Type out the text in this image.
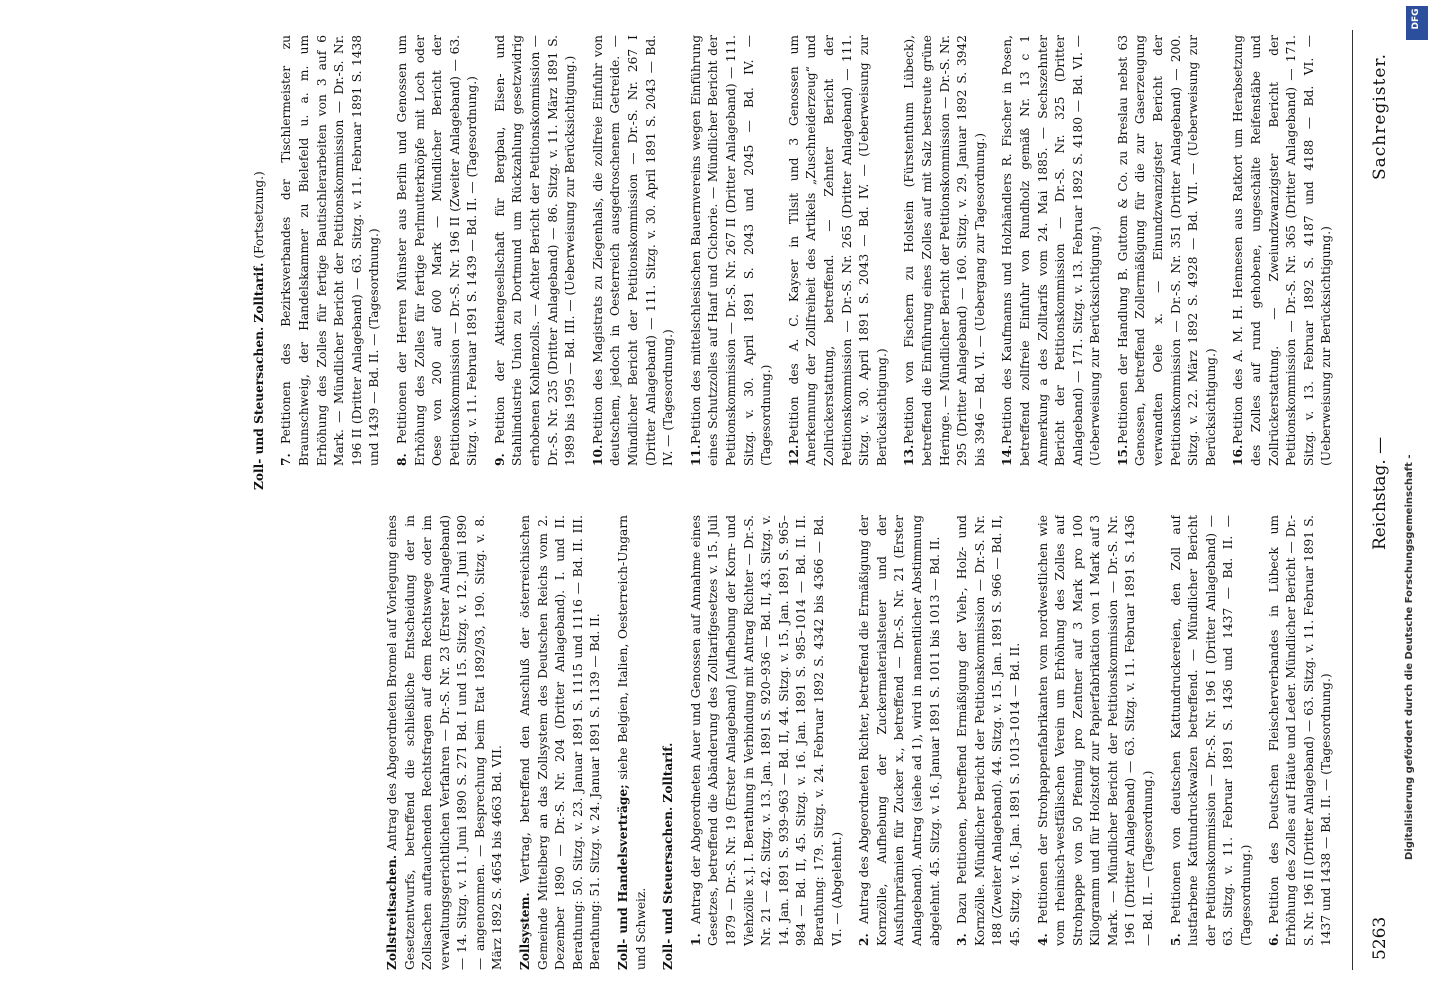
5263
Reichstag. —
Sachregister.
Zollstreitsachen. Antrag des Abgeordneten Bromel auf Vorlegung eines Gesetzentwurfs, betreffend die schließliche Entscheidung der in Zollsachen auftauchenden Rechtsfragen auf dem Rechtswege oder im verwaltungsgerichtlichen Verfahren — Dr.-S. Nr. 23 (Erster Anlageband) — 14. Sitzg. v. 11. Juni 1890 S. 271 Bd. I und 15. Sitzg. v. 12. Juni 1890 — angenommen. — Besprechung beim Etat 1892/93, 190. Sitzg. v. 8. März 1892 S. 4654 bis 4663 Bd. VII. Zollsystem. Vertrag, betreffend den Anschluß der österreichischen Gemeinde Mittelberg an das Zollsystem des Deutschen Reichs vom 2. Dezember 1890 — Dr.-S. Nr. 204 (Dritter Anlageband). I. und II. Berathung: 50. Sitzg. v. 23. Januar 1891 S. 1115 und 1116 — Bd. II. III. Berathung: 51. Sitzg. v. 24. Januar 1891 S. 1139 — Bd. II. Zoll- und Handelsverträge; siehe Belgien, Italien, Oesterreich-Ungarn und Schweiz. Zoll- und Steuersachen. Zolltarif. 1.Antrag der Abgeordneten Auer und Genossen auf Annahme eines Gesetzes, betreffend die Abänderung des Zolltarifgesetzes v. 15. Juli 1879 — Dr.-S. Nr. 19 (Erster Anlageband) [Aufhebung der Korn- und Viehzölle x.]. I. Berathung in Verbindung mit Antrag Richter — Dr.-S. Nr. 21 — 42. Sitzg. v. 13. Jan. 1891 S. 920–936 — Bd. II, 43. Sitzg. v. 14. Jan. 1891 S. 939–963 — Bd. II, 44. Sitzg. v. 15. Jan. 1891 S. 965–984 — Bd. II, 45. Sitzg. v. 16. Jan. 1891 S. 985–1014 — Bd. II. II. Berathung: 179. Sitzg. v. 24. Februar 1892 S. 4342 bis 4366 — Bd. VI. — (Abgelehnt.) 2.Antrag des Abgeordneten Richter, betreffend die Ermäßigung der Kornzölle, Aufhebung der Zuckermaterialsteuer und der Ausfuhrprämien für Zucker x., betreffend — Dr.-S. Nr. 21 (Erster Anlageband). Antrag (siehe ad 1), wird in namentlicher Abstimmung abgelehnt. 45. Sitzg. v. 16. Januar 1891 S. 1011 bis 1013 — Bd. II. 3.Dazu Petitionen, betreffend Ermäßigung der Vieh-, Holz- und Kornzölle. Mündlicher Bericht der Petitionskommission — Dr.-S. Nr. 188 (Zweiter Anlageband). 44. Sitzg. v. 15. Jan. 1891 S. 966 — Bd. II, 45. Sitzg. v. 16. Jan. 1891 S. 1013–1014 — Bd. II. 4.Petitionen der Strohpappenfabrikanten vom nordwestlichen wie vom rheinisch-westfälischen Verein um Erhöhung des Zolles auf Strohpappe von 50 Pfennig pro Zentner auf 3 Mark pro 100 Kilogramm und für Holzstoff zur Papierfabrikation von 1 Mark auf 3 Mark. — Mündlicher Bericht der Petitionskommission — Dr.-S. Nr. 196 I (Dritter Anlageband) — 63. Sitzg. v. 11. Februar 1891 S. 1436 — Bd. II. — (Tagesordnung.) 5.Petitionen von deutschen Kattundruckereien, den Zoll auf lustfarbene Kattundruckwalzen betreffend. — Mündlicher Bericht der Petitionskommission — Dr.-S. Nr. 196 I (Dritter Anlageband) — 63. Sitzg. v. 11. Februar 1891 S. 1436 und 1437 — Bd. II. — (Tagesordnung.) 6.Petition des Deutschen Fleischerverbandes in Lübeck um Erhöhung des Zolles auf Häute und Leder. Mündlicher Bericht — Dr.-S. Nr. 196 II (Dritter Anlageband) — 63. Sitzg. v. 11. Februar 1891 S. 1437 und 1438 — Bd. II. — (Tagesordnung.)
Zoll- und Steuersachen. Zolltarif. (Fortsetzung.)
7.Petitionen des Bezirksverbandes der Tischlermeister zu Braunschweig, der Handelskammer zu Bielefeld u. a. m. um Erhöhung des Zolles für fertige Bautischlerarbeiten von 3 auf 6 Mark. — Mündlicher Bericht der Petitionskommission — Dr.-S. Nr. 196 II (Dritter Anlageband) — 63. Sitzg. v. 11. Februar 1891 S. 1438 und 1439 — Bd. II. — (Tagesordnung.) 8.Petitionen der Herren Münster aus Berlin und Genossen um Erhöhung des Zolles für fertige Perlmutterknöpfe mit Loch oder Oese von 200 auf 600 Mark — Mündlicher Bericht der Petitionskommission — Dr.-S. Nr. 196 II (Zweiter Anlageband) — 63. Sitzg. v. 11. Februar 1891 S. 1439 — Bd. II. — (Tagesordnung.) 9.Petition der Aktiengesellschaft für Bergbau, Eisen- und Stahlindustrie Union zu Dortmund um Rückzahlung gesetzwidrig erhobenen Kohlenzolls. — Achter Bericht der Petitionskommission — Dr.-S. Nr. 235 (Dritter Anlageband) — 86. Sitzg. v. 11. März 1891 S. 1989 bis 1995 — Bd. III. — (Ueberweisung zur Berücksichtigung.) 10.Petition des Magistrats zu Ziegenhals, die zollfreie Einfuhr von deutschem, jedoch in Oesterreich ausgedroschenem Getreide. — Mündlicher Bericht der Petitionskommission — Dr.-S. Nr. 267 I (Dritter Anlageband) — 111. Sitzg. v. 30. April 1891 S. 2043 — Bd. IV. — (Tagesordnung.) 11.Petition des mittelschlesischen Bauernvereins wegen Einführung eines Schutzzolles auf Hanf und Cichorie. — Mündlicher Bericht der Petitionskommission — Dr.-S. Nr. 267 II (Dritter Anlageband) — 111. Sitzg. v. 30. April 1891 S. 2043 und 2045 — Bd. IV. — (Tagesordnung.) 12.Petition des A. C. Kayser in Tilsit und 3 Genossen um Anerkennung der Zollfreiheit des Artikels „Zuschneiderzeug“ und Zollrückerstattung, betreffend. — Zehnter Bericht der Petitionskommission — Dr.-S. Nr. 265 (Dritter Anlageband) — 111. Sitzg. v. 30. April 1891 S. 2043 — Bd. IV. — (Ueberweisung zur Berücksichtigung.) 13.Petition von Fischern zu Holstein (Fürstenthum Lübeck), betreffend die Einführung eines Zolles auf mit Salz bestreute grüne Heringe. — Mündlicher Bericht der Petitionskommission — Dr.-S. Nr. 295 (Dritter Anlageband) — 160. Sitzg. v. 29. Januar 1892 S. 3942 bis 3946 — Bd. VI. — (Uebergang zur Tagesordnung.) 14.Petition des Kaufmanns und Holzhändlers R. Fischer in Posen, betreffend zollfreie Einfuhr von Rundholz gemäß Nr. 13 c 1 Anmerkung a des Zolltarifs vom 24. Mai 1885. — Sechszehnter Bericht der Petitionskommission — Dr.-S. Nr. 325 (Dritter Anlageband) — 171. Sitzg. v. 13. Februar 1892 S. 4180 — Bd. VI. — (Ueberweisung zur Berücksichtigung.) 15.Petitionen der Handlung B. Guttom & Co. zu Breslau nebst 63 Genossen, betreffend Zollermäßigung für die zur Gaserzeugung verwandten Oele x. — Einundzwanzigster Bericht der Petitionskommission — Dr.-S. Nr. 351 (Dritter Anlageband) — 200. Sitzg. v. 22. März 1892 S. 4928 — Bd. VII. — (Ueberweisung zur Berücksichtigung.) 16.Petition des A. M. H. Hennesen aus Ratkort um Herabsetzung des Zolles auf rund gehobene, ungeschälte Reifenstäbe und Zollrückerstattung. — Zweiundzwanzigster Bericht der Petitionskommission — Dr.-S. Nr. 365 (Dritter Anlageband) — 171. Sitzg. v. 13. Februar 1892 S. 4187 und 4188 — Bd. VI. — (Ueberweisung zur Berücksichtigung.)
Digitalisierung gefördert durch die Deutsche Forschungsgemeinschaft -
DFG
